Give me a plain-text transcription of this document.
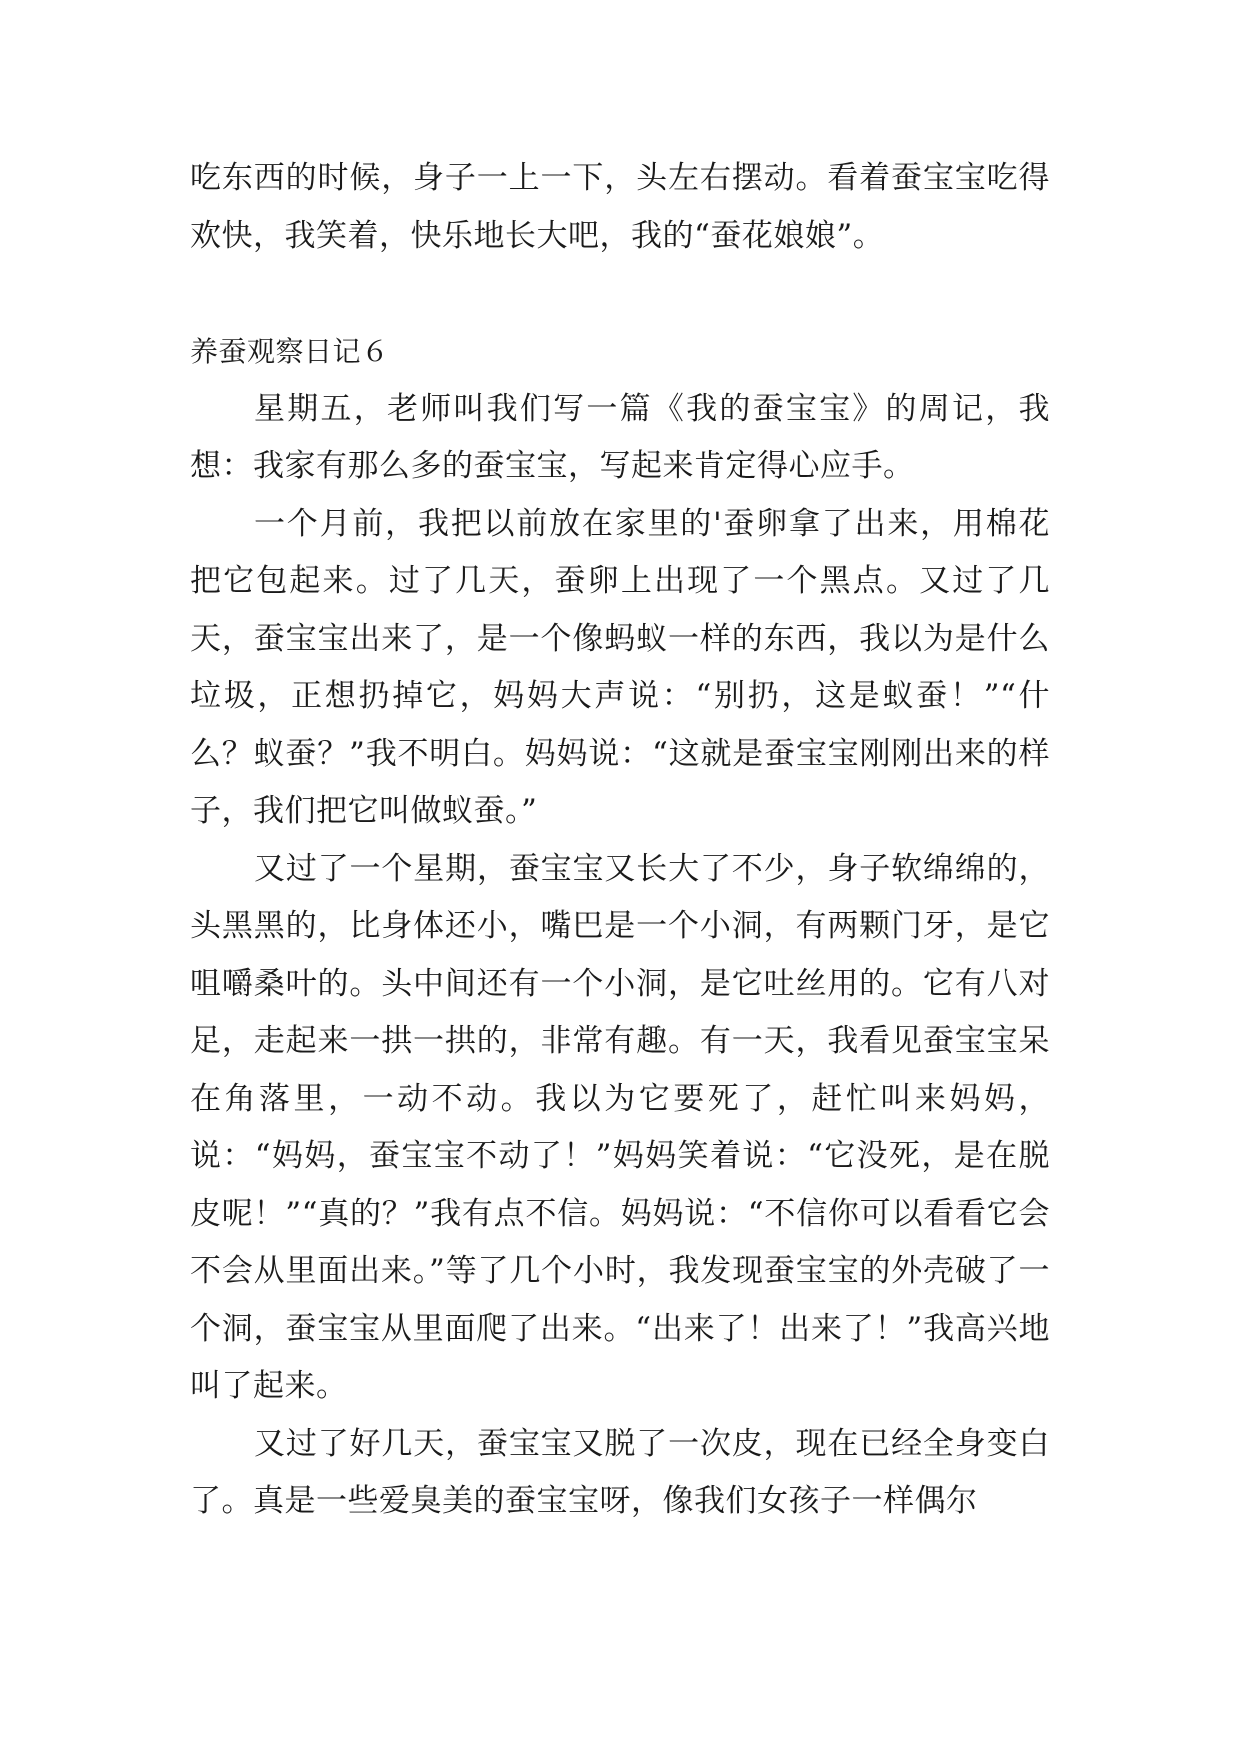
吃东西的时候，身子一上一下，头左右摆动。看着蚕宝宝吃得欢快，我笑着，快乐地长大吧，我的“蚕花娘娘”。

养蚕观察日记６

星期五，老师叫我们写一篇《我的蚕宝宝》的周记，我想：我家有那么多的蚕宝宝，写起来肯定得心应手。

一个月前，我把以前放在家里的'蚕卵拿了出来，用棉花把它包起来。过了几天，蚕卵上出现了一个黑点。又过了几天，蚕宝宝出来了，是一个像蚂蚁一样的东西，我以为是什么垃圾，正想扔掉它，妈妈大声说：“别扔，这是蚁蚕！”“什么？蚁蚕？”我不明白。妈妈说：“这就是蚕宝宝刚刚出来的样子，我们把它叫做蚁蚕。”

又过了一个星期，蚕宝宝又长大了不少，身子软绵绵的，头黑黑的，比身体还小，嘴巴是一个小洞，有两颗门牙，是它咀嚼桑叶的。头中间还有一个小洞，是它吐丝用的。它有八对足，走起来一拱一拱的，非常有趣。有一天，我看见蚕宝宝呆在角落里，一动不动。我以为它要死了，赶忙叫来妈妈，说：“妈妈，蚕宝宝不动了！”妈妈笑着说：“它没死，是在脱皮呢！”“真的？”我有点不信。妈妈说：“不信你可以看看它会不会从里面出来。”等了几个小时，我发现蚕宝宝的外壳破了一个洞，蚕宝宝从里面爬了出来。“出来了！出来了！”我高兴地叫了起来。

又过了好几天，蚕宝宝又脱了一次皮，现在已经全身变白了。真是一些爱臭美的蚕宝宝呀，像我们女孩子一样偶尔
